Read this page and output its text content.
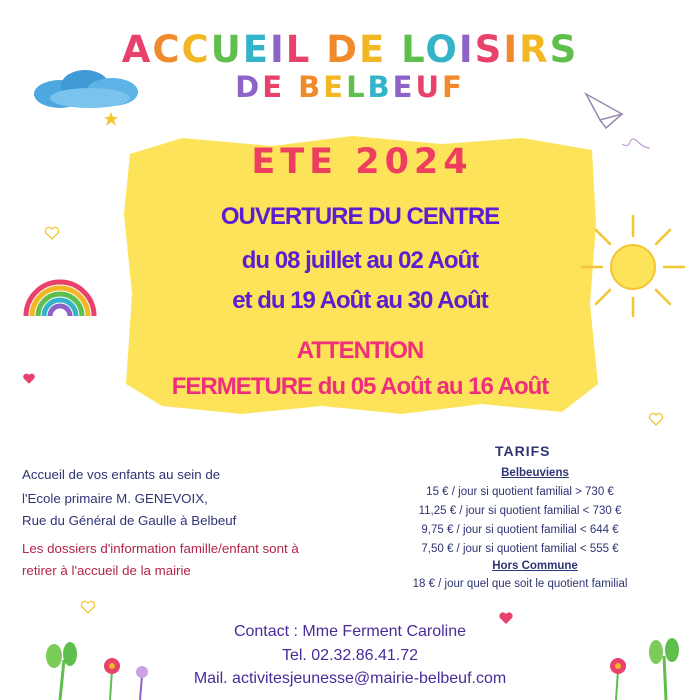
ACCUEIL DE LOISIRS
DE BELBEUF
ETE 2024
OUVERTURE DU CENTRE
du 08 juillet au 02 Août
et du 19 Août au 30 Août
ATTENTION
FERMETURE du 05 Août au 16 Août
Accueil de vos enfants au sein de
l'Ecole primaire M. GENEVOIX,
Rue du Général de Gaulle à Belbeuf
Les dossiers d'information famille/enfant sont à
retirer à l'accueil de la mairie
TARIFS
Belbeuviens
15 € / jour si quotient familial > 730 €
11,25 € / jour si quotient familial ˂ 730 €
9,75 € / jour si quotient familial ˂ 644 €
7,50 € / jour si quotient familial ˂ 555 €
Hors Commune
18 € / jour quel que soit le quotient familial
Contact : Mme Ferment Caroline
Tel. 02.32.86.41.72
Mail. activitesjeunesse@mairie-belbeuf.com
